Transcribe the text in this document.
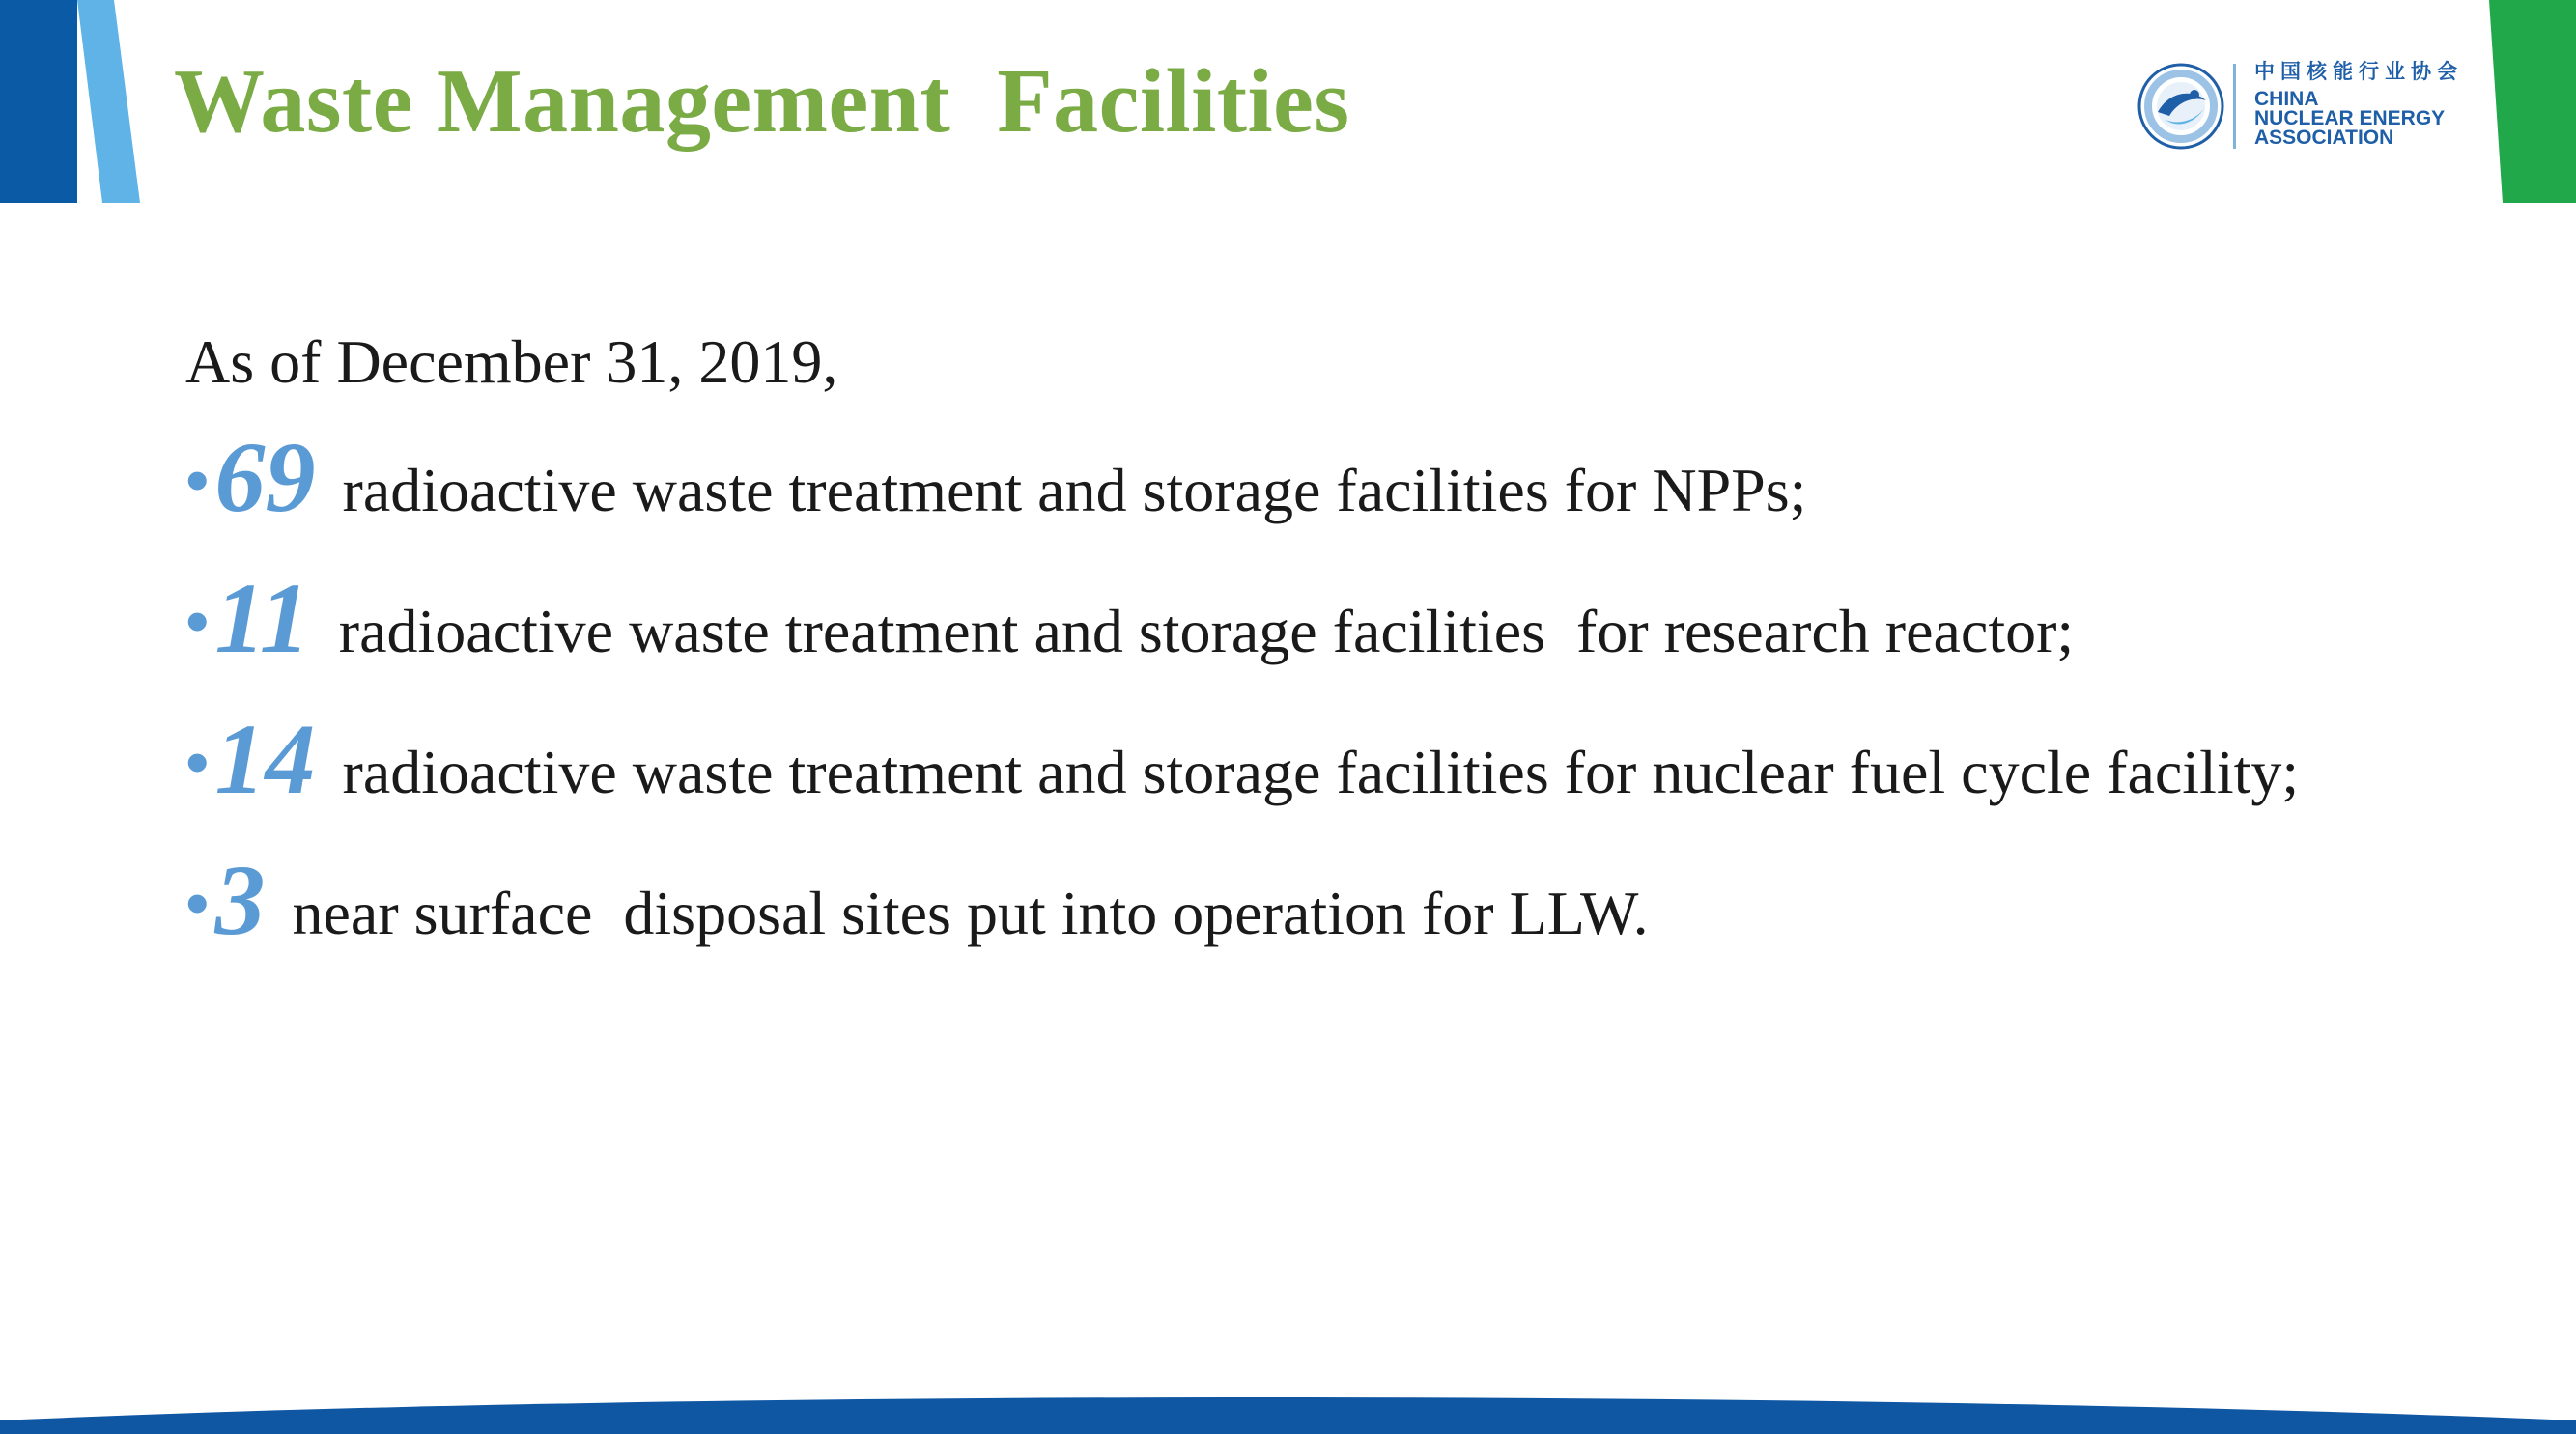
Waste Management  Facilities	中国核能行业协会
CHINA
NUCLEAR ENERGY
ASSOCIATION

As of December 31, 2019,

• 69 radioactive waste treatment and storage facilities for NPPs;
• 11 radioactive waste treatment and storage facilities  for research reactor;
• 14 radioactive waste treatment and storage facilities for nuclear fuel cycle facility;
• 3 near surface  disposal sites put into operation for LLW.
